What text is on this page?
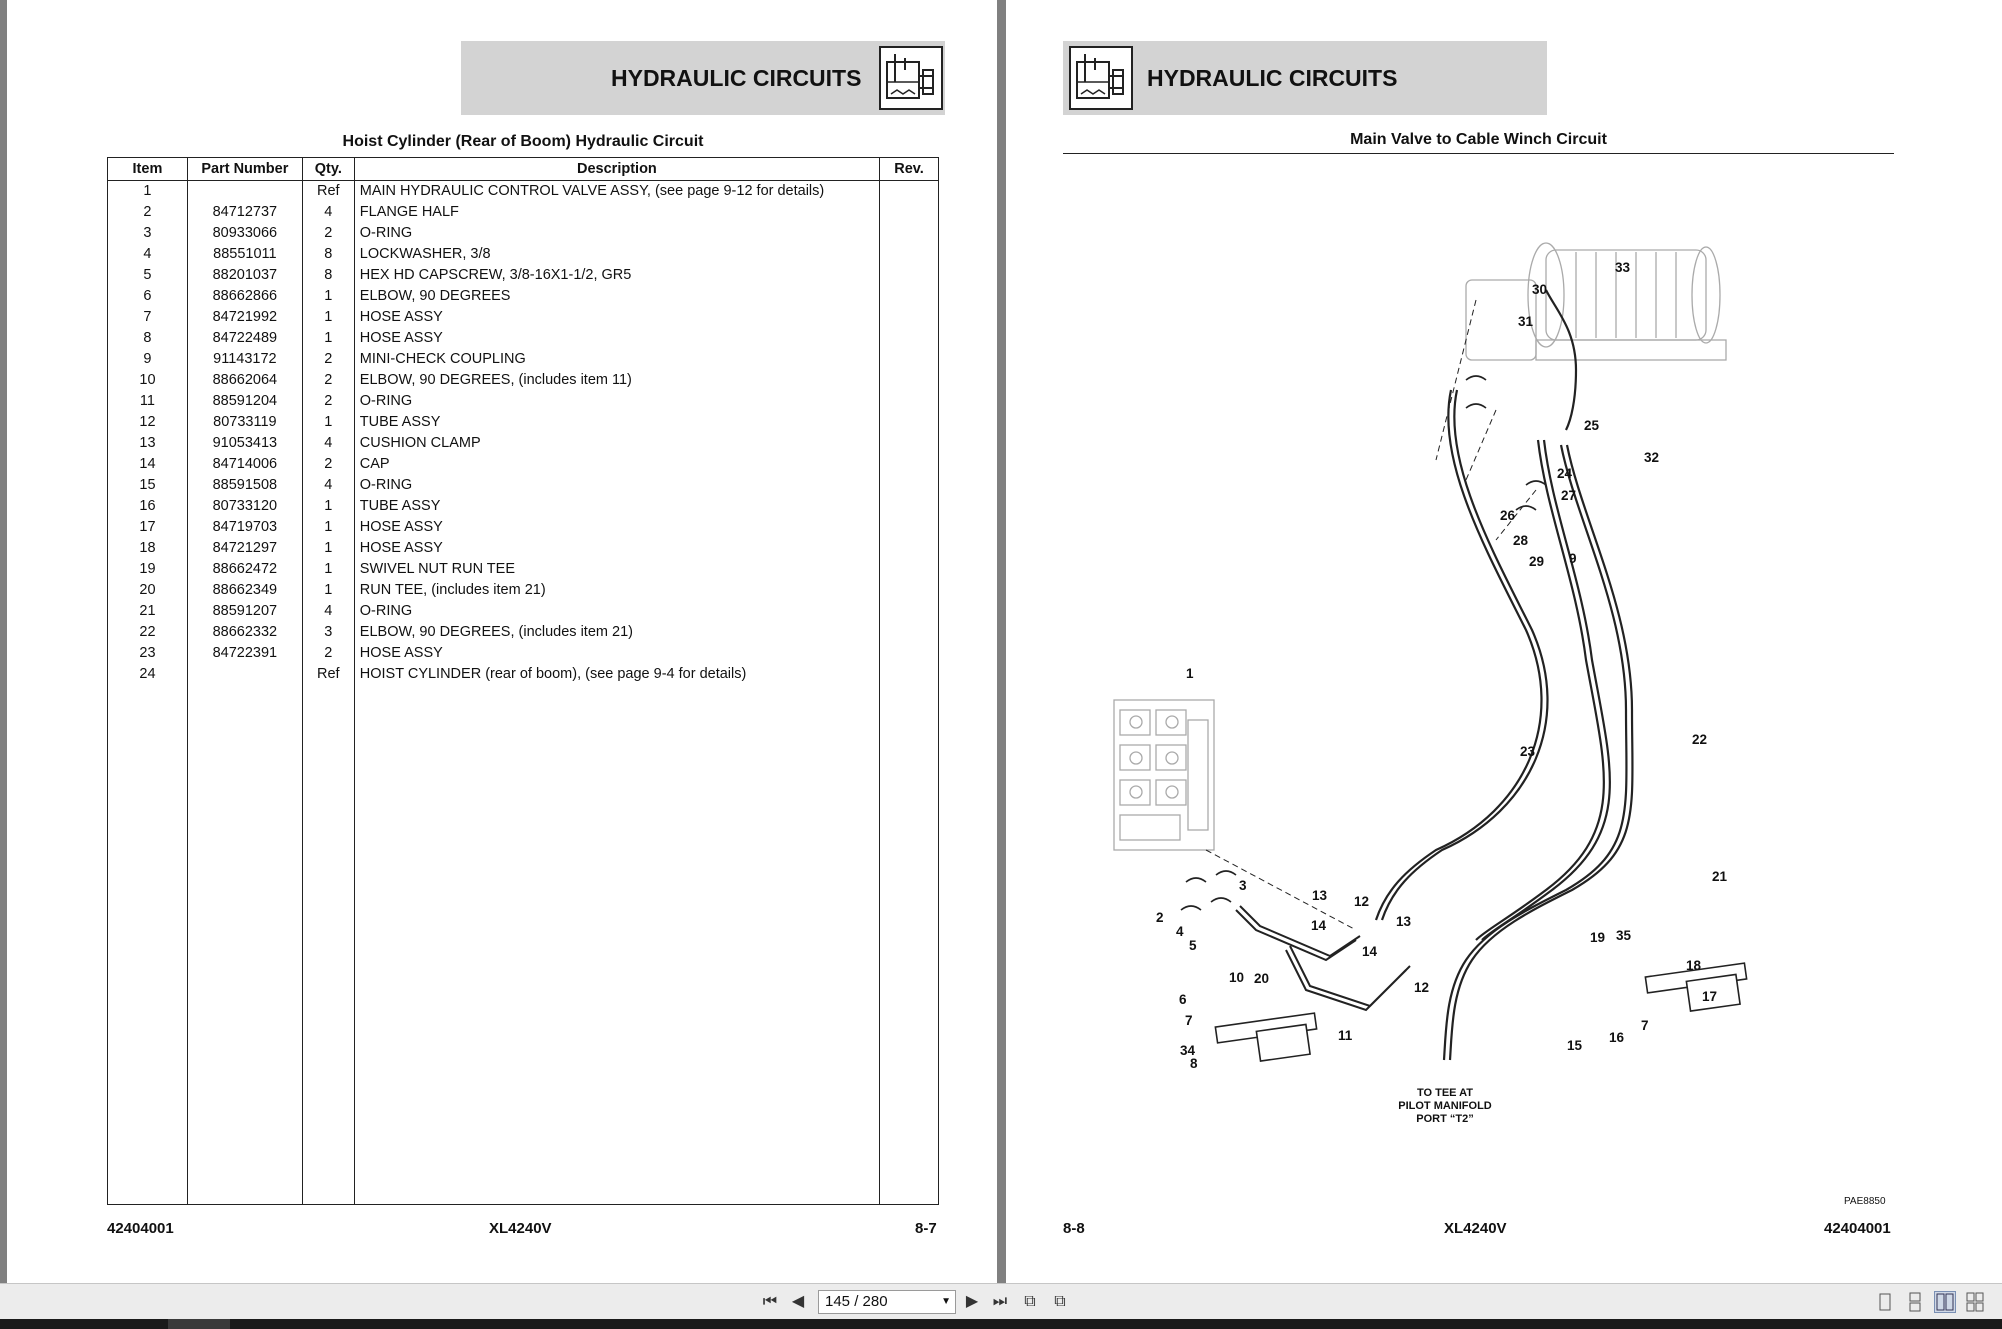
HYDRAULIC CIRCUITS
Hoist Cylinder (Rear of Boom) Hydraulic Circuit
Item	Part Number	Qty.	Description	Rev.
1		Ref	MAIN HYDRAULIC CONTROL VALVE ASSY, (see page 9-12 for details)	
2	84712737	4	FLANGE HALF	
3	80933066	2	O-RING	
4	88551011	8	LOCKWASHER, 3/8	
5	88201037	8	HEX HD CAPSCREW, 3/8-16X1-1/2, GR5	
6	88662866	1	ELBOW, 90 DEGREES	
7	84721992	1	HOSE ASSY	
8	84722489	1	HOSE ASSY	
9	91143172	2	MINI-CHECK COUPLING	
10	88662064	2	ELBOW, 90 DEGREES, (includes item 11)	
11	88591204	2	O-RING	
12	80733119	1	TUBE ASSY	
13	91053413	4	CUSHION CLAMP	
14	84714006	2	CAP	
15	88591508	4	O-RING	
16	80733120	1	TUBE ASSY	
17	84719703	1	HOSE ASSY	
18	84721297	1	HOSE ASSY	
19	88662472	1	SWIVEL NUT RUN TEE	
20	88662349	1	RUN TEE, (includes item 21)	
21	88591207	4	O-RING	
22	88662332	3	ELBOW, 90 DEGREES, (includes item 21)	
23	84722391	2	HOSE ASSY	
24		Ref	HOIST CYLINDER (rear of boom), (see page 9-4 for details)	

42404001	XL4240V	8-7
HYDRAULIC CIRCUITS
Main Valve to Cable Winch Circuit
1
2
3
4
5
6
7
8
9
10
11
12
12
13
13
14
14
15
16
7
17
18
19
20
21
22
23
24
25
26
27
28
29
30
31
32
33
34
35
TO TEE AT
PILOT MANIFOLD
PORT “T2”
PAE8850
8-8	XL4240V	42404001
⏮ ◀	145 / 280	▼ ▶ ⏭	⧉	⧉
